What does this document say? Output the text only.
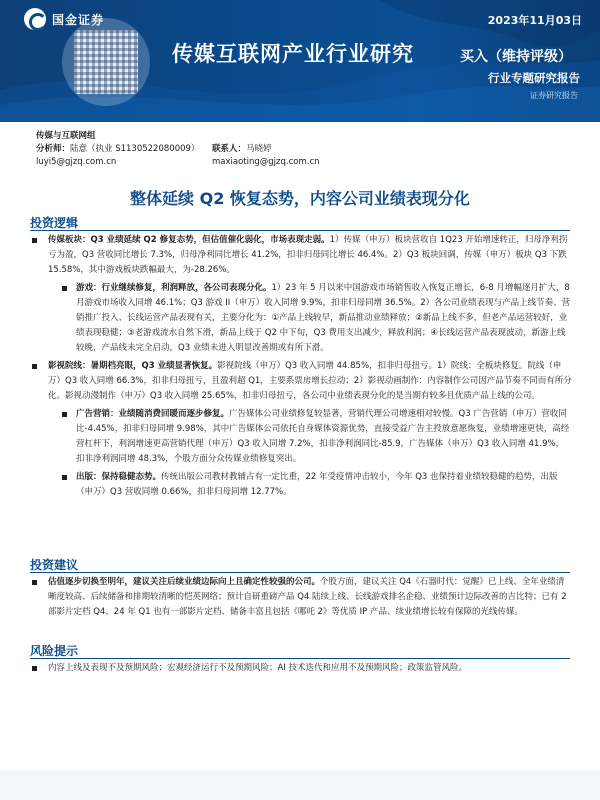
国金证券	2023年11月03日
传媒互联网产业行业研究	买入（维持评级）
行业专题研究报告
证券研究报告
传媒与互联网组
分析师：陆意（执业 S1130522080009）	联系人：马晓婷
luyi5@gjzq.com.cn	maxiaoting@gjzq.com.cn
整体延续 Q2 恢复态势，内容公司业绩表现分化
投资逻辑
传媒板块：Q3 业绩延续 Q2 修复态势，但估值催化弱化，市场表现走弱。1）传媒（申万）板块营收自 1Q23 开始增速转正，归母净利拐亏为盈，Q3 营收同比增长 7.3%，归母净利同比增长 41.2%，扣非归母同比增长 46.4%。2）Q3 板块回调，传媒（申万）板块 Q3 下跌 15.58%，其中游戏板块跌幅最大，为-28.26%。
游戏：行业继续修复，利润释放，各公司表现分化。1）23 年 5 月以来中国游戏市场销售收入恢复正增长，6-8 月增幅逐月扩大，8 月游戏市场收入同增 46.1%；Q3 游戏 II（申万）收入同增 9.9%，扣非归母同增 36.5%。2）各公司业绩表现与产品上线节奏、营销推广投入、长线运营产品表现有关，主要分化为：①产品上线较早，新品推动业绩释放；②新品上线不多，但老产品运营较好，业绩表现稳健；③老游戏流水自然下滑，新品上线于 Q2 中下旬，Q3 费用支出减少，释放利润；④长线运营产品表现波动，新游上线较晚，产品线未完全启动，Q3 业绩未进入明显改善期或有所下滑。
影视院线：暑期档亮眼，Q3 业绩显著恢复。影视院线（申万）Q3 收入同增 44.85%，扣非归母扭亏。1）院线：全板块修复。院线（申万）Q3 收入同增 66.3%，扣非归母扭亏，且盈利超 Q1，主要系票房增长拉动；2）影视动画制作：内容制作公司因产品节奏不同而有所分化。影视动漫制作（申万）Q3 收入同增 25.65%，扣非归母扭亏，各公司中业绩表现分化的是当期有较多且优质产品上线的公司。
广告营销：业绩随消费回暖而逐步修复。广告媒体公司业绩修复较显著，营销代理公司增速相对较慢。Q3 广告营销（申万）营收同比-4.45%，扣非归母同增 9.98%，其中广告媒体公司依托自身媒体资源优势，直接受益广告主投放意愿恢复，业绩增速更快，高经营杠杆下，利润增速更高营销代理（申万）Q3 收入同增 7.2%，扣非净利润同比-85.9，广告媒体（申万）Q3 收入同增 41.9%，扣非净利润同增 48.3%，个股方面分众传媒业绩修复突出。
出版：保持稳健态势。传统出版公司教材教辅占有一定比重，22 年受疫情冲击较小，今年 Q3 也保持着业绩较稳健的趋势，出版（申万）Q3 营收同增 0.66%，扣非归母同增 12.77%。
投资建议
估值逐步切换至明年，建议关注后续业绩边际向上且确定性较强的公司。个股方面，建议关注 Q4《石器时代：觉醒》已上线、全年业绩清晰度较高、后续储备和排期较清晰的恺英网络；预计自研重磅产品 Q4 陆续上线、长线游戏排名企稳、业绩预计边际改善的吉比特；已有 2 部影片定档 Q4、24 年 Q1 也有一部影片定档、储备丰富且包括《哪吒 2》等优质 IP 产品、续业绩增长较有保障的光线传媒。
风险提示
内容上线及表现不及预期风险；宏观经济运行不及预期风险；AI 技术迭代和应用不及预期风险；政策监管风险。
